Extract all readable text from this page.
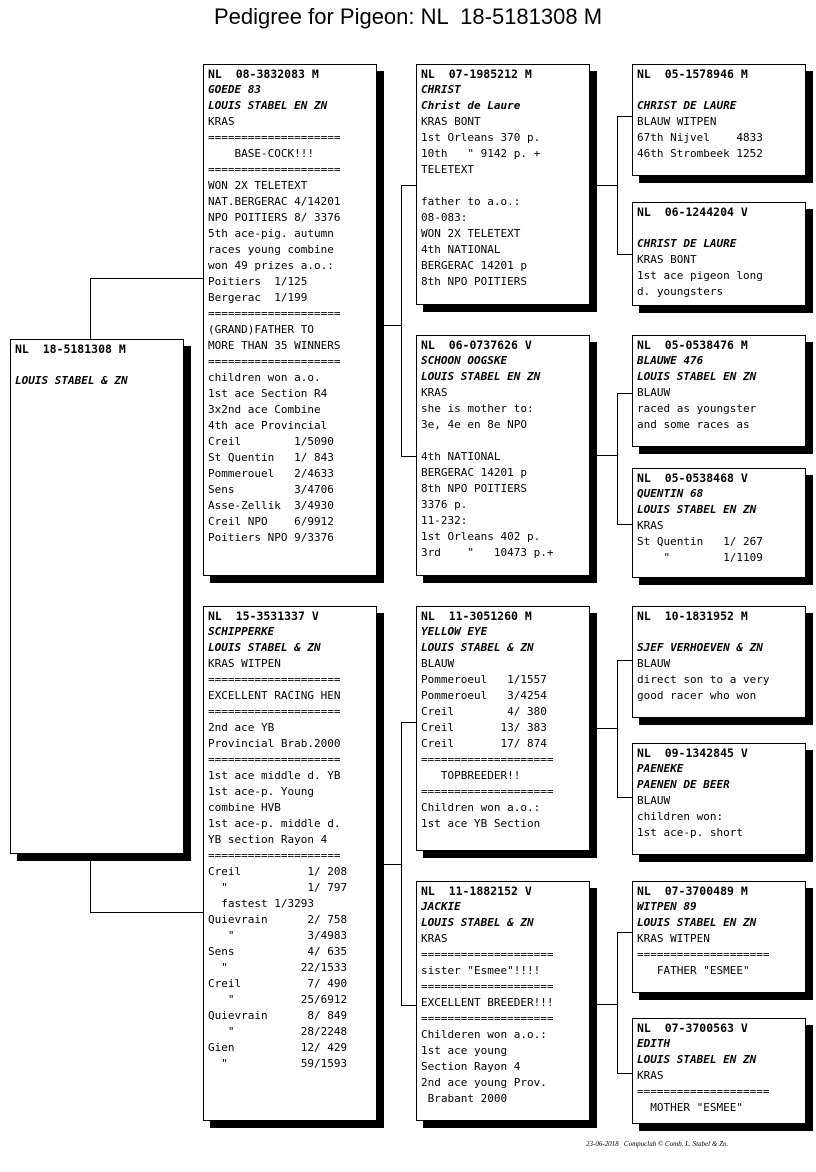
Pedigree for Pigeon: NL  18-5181308 M
NL  18-5181308 M
LOUIS STABEL & ZN
NL  08-3832083 M
GOEDE 83
LOUIS STABEL EN ZN
KRAS
====================
BASE-COCK!!!
====================
WON 2X TELETEXT
NAT.BERGERAC 4/14201
NPO POITIERS 8/ 3376
5th ace-pig. autumn
races young combine
won 49 prizes a.o.:
Poitiers  1/125
Bergerac  1/199
====================
(GRAND)FATHER TO
MORE THAN 35 WINNERS
====================
children won a.o.
1st ace Section R4
3x2nd ace Combine
4th ace Provincial
Creil        1/5090
St Quentin   1/ 843
Pommerouel   2/4633
Sens         3/4706
Asse-Zellik  3/4930
Creil NPO    6/9912
Poitiers NPO 9/3376
NL  15-3531337 V
SCHIPPERKE
LOUIS STABEL & ZN
KRAS WITPEN
====================
EXCELLENT RACING HEN
====================
2nd ace YB
Provincial Brab.2000
====================
1st ace middle d. YB
1st ace-p. Young
combine HVB
1st ace-p. middle d.
YB section Rayon 4
====================
Creil          1/ 208
"            1/ 797
fastest 1/3293
Quievrain      2/ 758
"           3/4983
Sens           4/ 635
"           22/1533
Creil          7/ 490
"          25/6912
Quievrain      8/ 849
"          28/2248
Gien          12/ 429
"           59/1593
NL  07-1985212 M
CHRIST
Christ de Laure
KRAS BONT
1st Orleans 370 p.
10th   " 9142 p. +
TELETEXT
father to a.o.:
08-083:
WON 2X TELETEXT
4th NATIONAL
BERGERAC 14201 p
8th NPO POITIERS
NL  06-0737626 V
SCHOON OOGSKE
LOUIS STABEL EN ZN
KRAS
she is mother to:
3e, 4e en 8e NPO
4th NATIONAL
BERGERAC 14201 p
8th NPO POITIERS
3376 p.
11-232:
1st Orleans 402 p.
3rd    "   10473 p.+
NL  11-3051260 M
YELLOW EYE
LOUIS STABEL & ZN
BLAUW
Pommeroeul   1/1557
Pommeroeul   3/4254
Creil        4/ 380
Creil       13/ 383
Creil       17/ 874
====================
TOPBREEDER!!
====================
Children won a.o.:
1st ace YB Section
NL  11-1882152 V
JACKIE
LOUIS STABEL & ZN
KRAS
====================
sister "Esmee"!!!!
====================
EXCELLENT BREEDER!!!
====================
Childeren won a.o.:
1st ace young
Section Rayon 4
2nd ace young Prov.
Brabant 2000
NL  05-1578946 M
CHRIST DE LAURE
BLAUW WITPEN
67th Nijvel    4833
46th Strombeek 1252
NL  06-1244204 V
CHRIST DE LAURE
KRAS BONT
1st ace pigeon long
d. youngsters
NL  05-0538476 M
BLAUWE 476
LOUIS STABEL EN ZN
BLAUW
raced as youngster
and some races as
NL  05-0538468 V
QUENTIN 68
LOUIS STABEL EN ZN
KRAS
St Quentin   1/ 267
"        1/1109
NL  10-1831952 M
SJEF VERHOEVEN & ZN
BLAUW
direct son to a very
good racer who won
NL  09-1342845 V
PAENEKE
PAENEN DE BEER
BLAUW
children won:
1st ace-p. short
NL  07-3700489 M
WITPEN 89
LOUIS STABEL EN ZN
KRAS WITPEN
====================
FATHER "ESMEE"
NL  07-3700563 V
EDITH
LOUIS STABEL EN ZN
KRAS
====================
MOTHER "ESMEE"
23-06-2018   Compuclub © Comb. L. Stabel & Zn.
